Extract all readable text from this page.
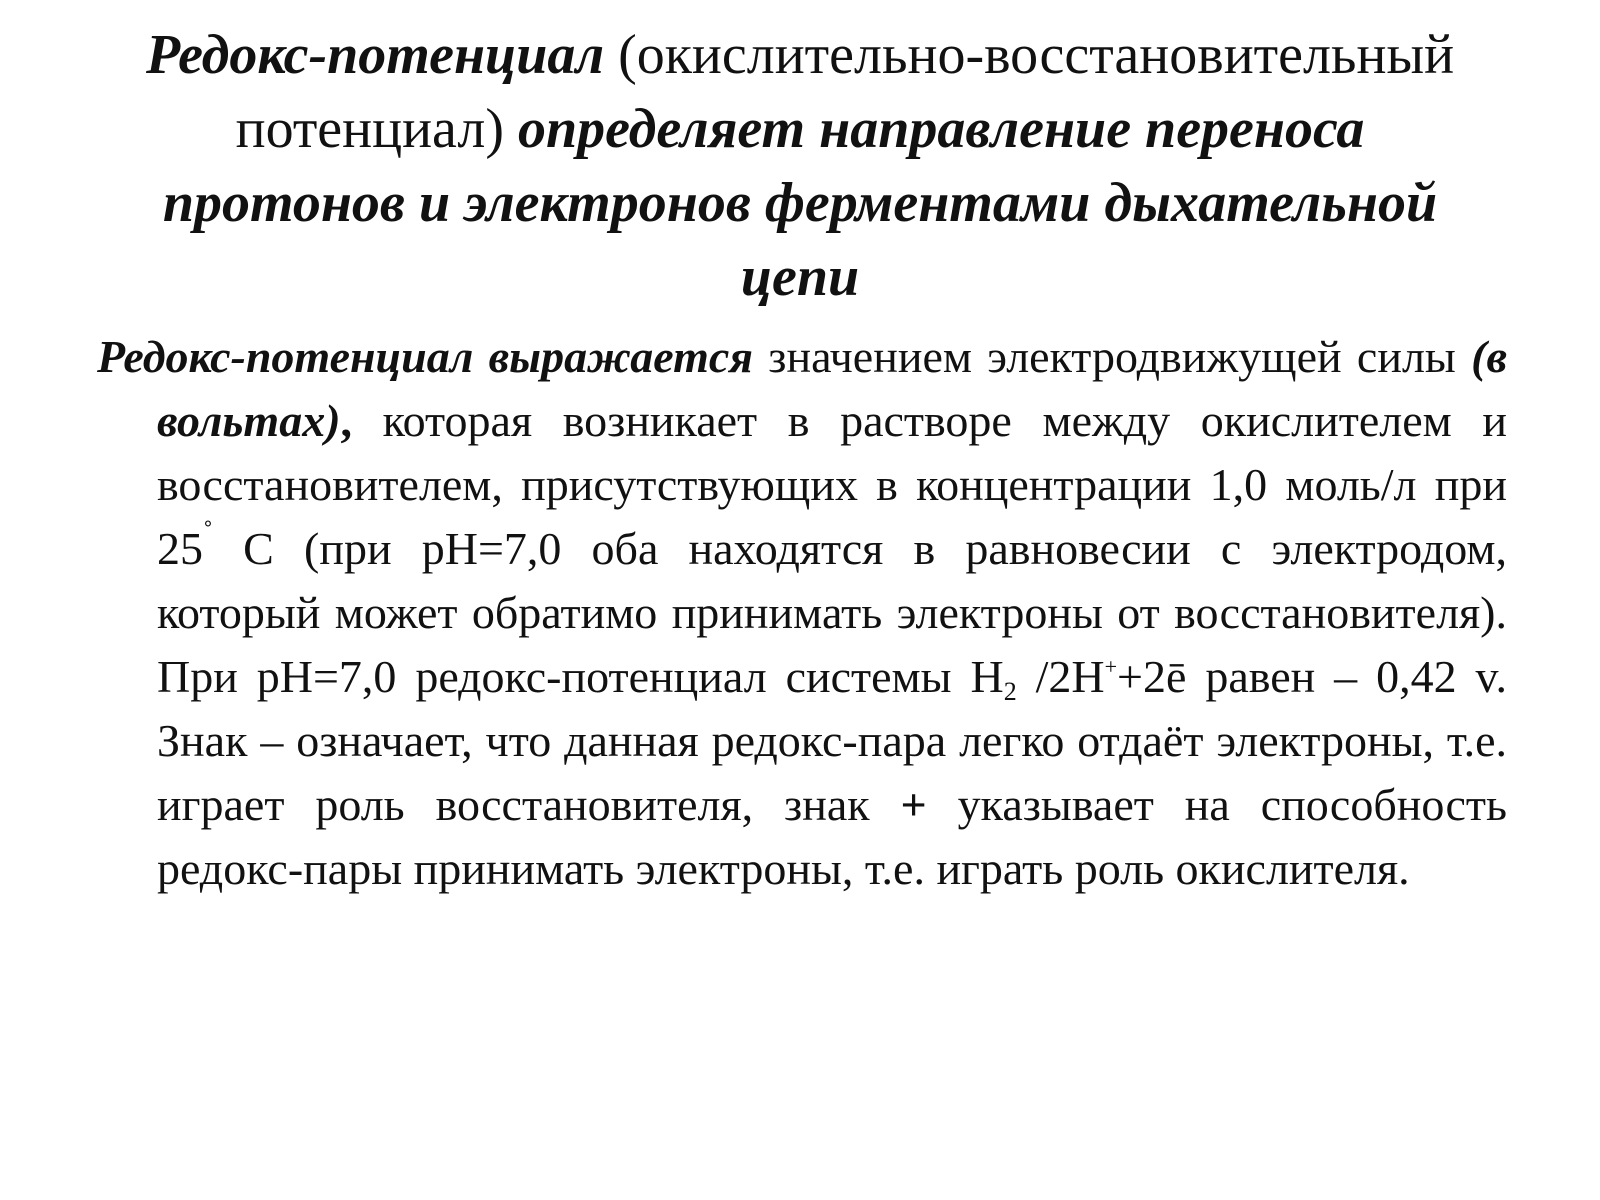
Редокс-потенциал (окислительно-восстановительный потенциал) определяет направление переноса протонов и электронов ферментами дыхательной цепи

Редокс-потенциал выражается значением электродвижущей силы (в вольтах), которая возникает в растворе между окислителем и восстановителем, присутствующих в концентрации 1,0 моль/л при 25˚ С (при рН=7,0 оба находятся в равновесии с электродом, который может обратимо принимать электроны от восстановителя). При рН=7,0 редокс-потенциал системы $Н_2$ /2Н++2ē равен – 0,42 v. Знак – означает, что данная редокс-пара легко отдаёт электроны, т.е. играет роль восстановителя, знак + указывает на способность редокс-пары принимать электроны, т.е. играть роль окислителя.
